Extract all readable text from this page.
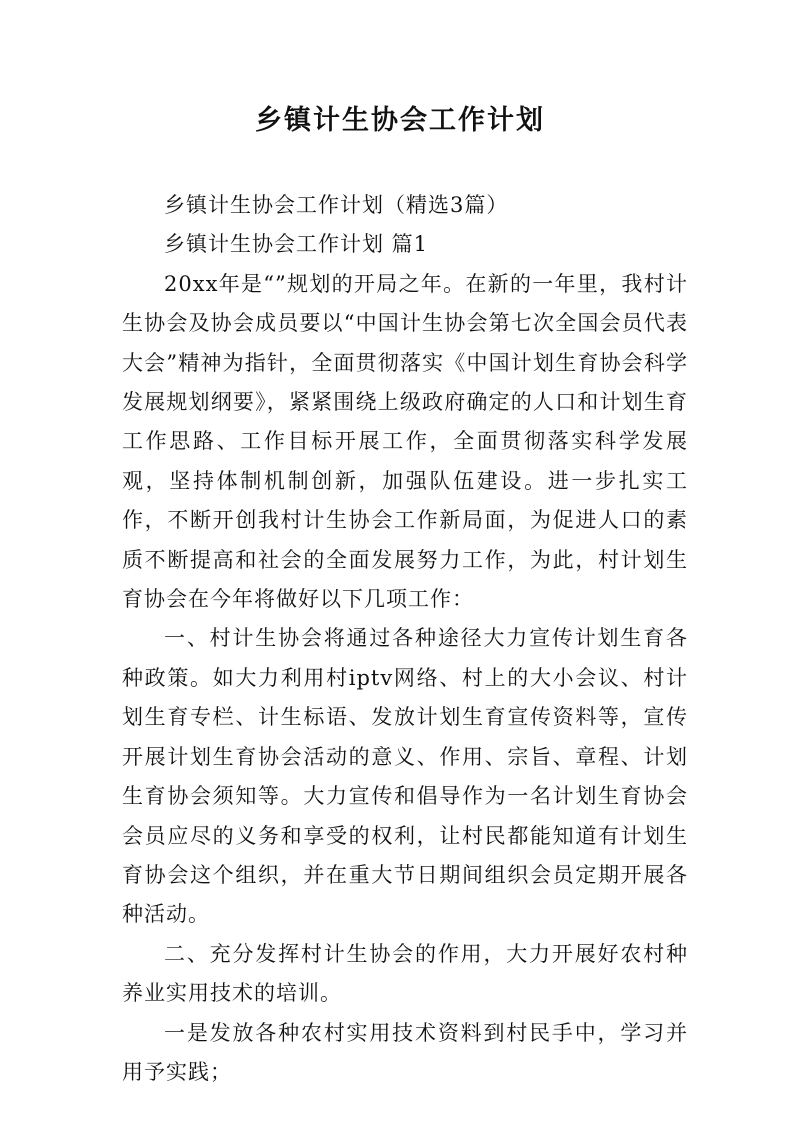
乡镇计生协会工作计划

乡镇计生协会工作计划（精选3篇）

乡镇计生协会工作计划 篇1

20xx年是“”规划的开局之年。在新的一年里，我村计生协会及协会成员要以“中国计生协会第七次全国会员代表大会”精神为指针，全面贯彻落实《中国计划生育协会科学发展规划纲要》，紧紧围绕上级政府确定的人口和计划生育工作思路、工作目标开展工作，全面贯彻落实科学发展观，坚持体制机制创新，加强队伍建设。进一步扎实工作，不断开创我村计生协会工作新局面，为促进人口的素质不断提高和社会的全面发展努力工作，为此，村计划生育协会在今年将做好以下几项工作：

一、村计生协会将通过各种途径大力宣传计划生育各种政策。如大力利用村iptv网络、村上的大小会议、村计划生育专栏、计生标语、发放计划生育宣传资料等，宣传开展计划生育协会活动的意义、作用、宗旨、章程、计划生育协会须知等。大力宣传和倡导作为一名计划生育协会会员应尽的义务和享受的权利，让村民都能知道有计划生育协会这个组织，并在重大节日期间组织会员定期开展各种活动。

二、充分发挥村计生协会的作用，大力开展好农村种养业实用技术的培训。

一是发放各种农村实用技术资料到村民手中，学习并用予实践；
